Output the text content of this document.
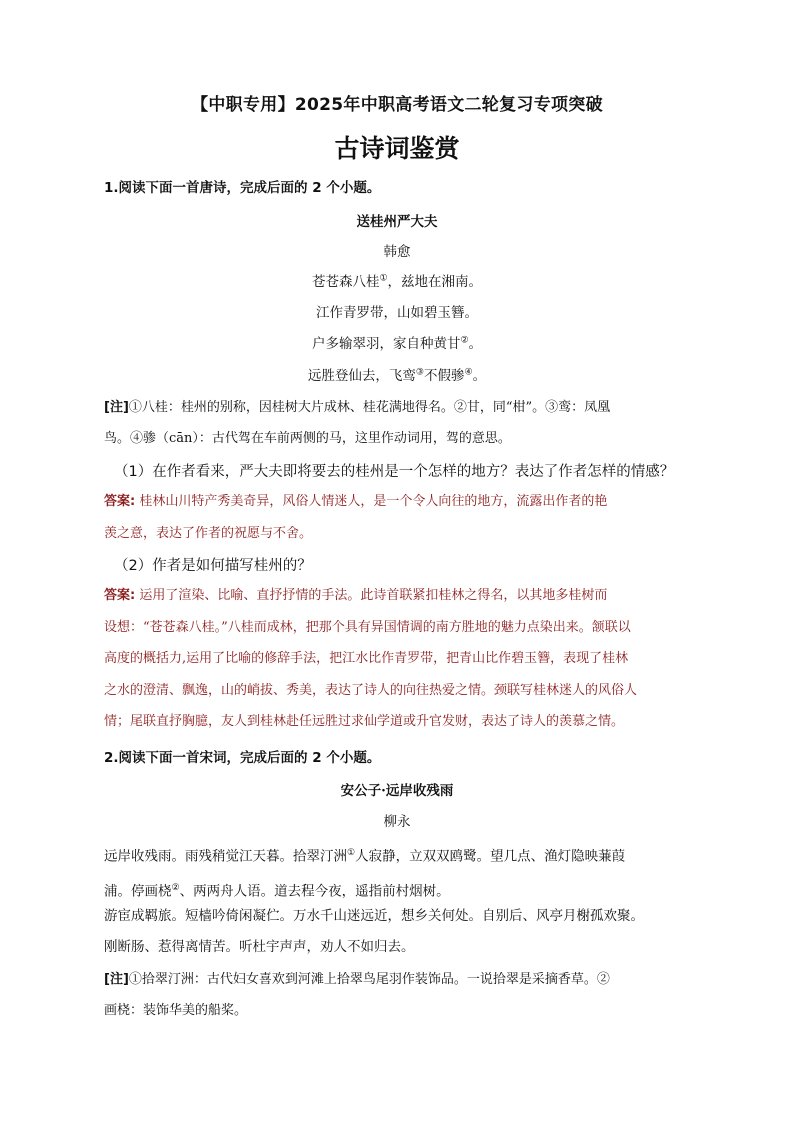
【中职专用】2025年中职高考语文二轮复习专项突破
古诗词鉴赏
1.阅读下面一首唐诗，完成后面的 2 个小题。
送桂州严大夫
韩愈
苍苍森八桂①，兹地在湘南。
江作青罗带，山如碧玉簪。
户多输翠羽，家自种黄甘②。
远胜登仙去，飞鸾③不假骖④。
[注]①八桂：桂州的别称，因桂树大片成林、桂花满地得名。②甘，同“柑”。③鸾：凤凰
鸟。④骖（cān）：古代驾在车前两侧的马，这里作动词用，驾的意思。
（1）在作者看来，严大夫即将要去的桂州是一个怎样的地方？表达了作者怎样的情感？
答案: 桂林山川特产秀美奇异，风俗人情迷人，是一个令人向往的地方，流露出作者的艳
羡之意，表达了作者的祝愿与不舍。
（2）作者是如何描写桂州的？
答案: 运用了渲染、比喻、直抒抒情的手法。此诗首联紧扣桂林之得名，以其地多桂树而
设想：“苍苍森八桂。”八桂而成林，把那个具有异国情调的南方胜地的魅力点染出来。颔联以
高度的概括力,运用了比喻的修辞手法，把江水比作青罗带，把青山比作碧玉簪，表现了桂林
之水的澄清、飘逸，山的峭拔、秀美，表达了诗人的向往热爱之情。颈联写桂林迷人的风俗人
情；尾联直抒胸臆，友人到桂林赴任远胜过求仙学道或升官发财，表达了诗人的羡慕之情。
2.阅读下面一首宋词，完成后面的 2 个小题。
安公子·远岸收残雨
柳永
远岸收残雨。雨残稍觉江天暮。拾翠汀洲①人寂静，立双双鸥鹭。望几点、渔灯隐映蒹葭
浦。停画桡②、两两舟人语。道去程今夜，遥指前村烟树。
游宦成羁旅。短樯吟倚闲凝伫。万水千山迷远近，想乡关何处。自别后、风亭月榭孤欢聚。
刚断肠、惹得离情苦。听杜宇声声，劝人不如归去。
[注]①拾翠汀洲：古代妇女喜欢到河滩上拾翠鸟尾羽作装饰品。一说拾翠是采摘香草。②
画桡：装饰华美的船桨。
